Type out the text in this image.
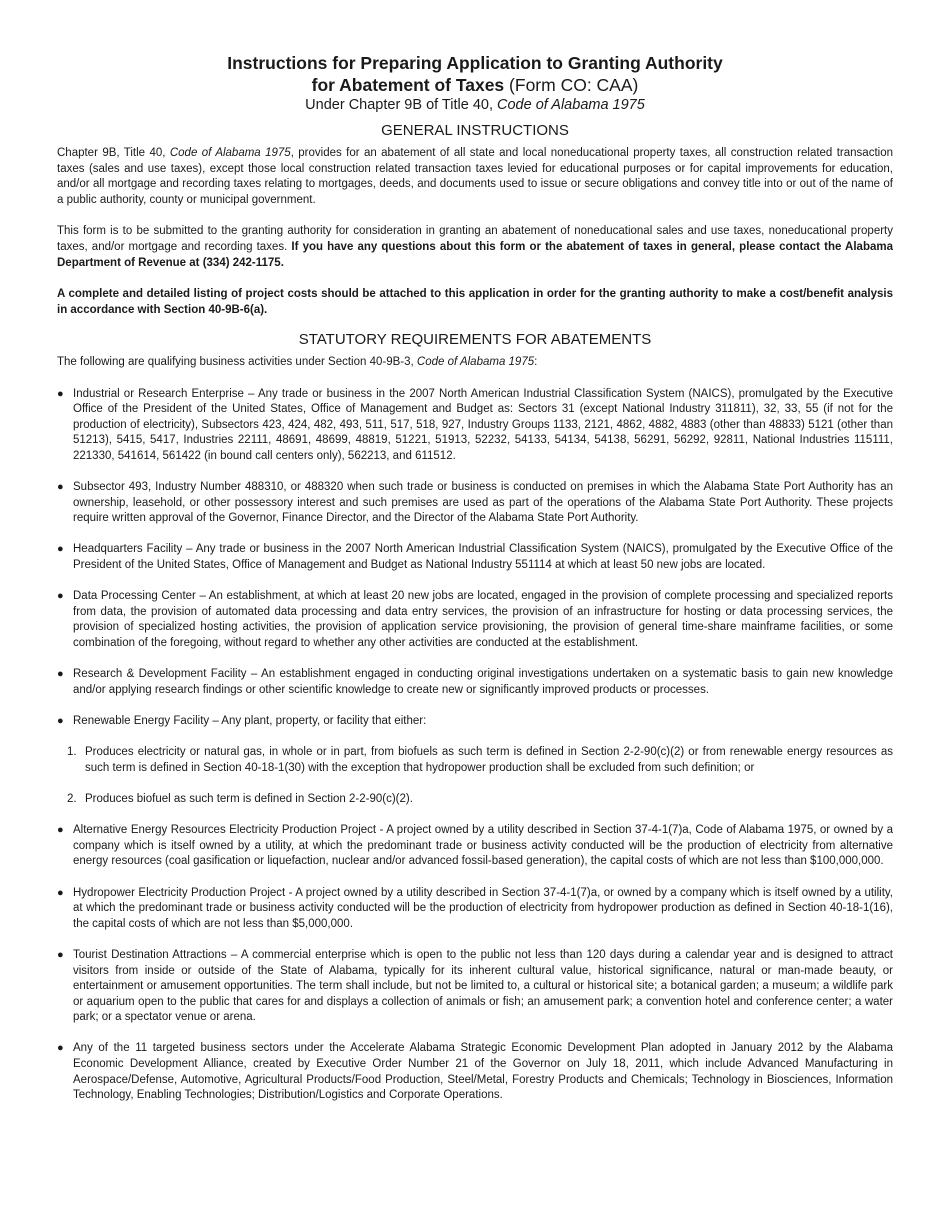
Instructions for Preparing Application to Granting Authority
for Abatement of Taxes (Form CO: CAA)
Under Chapter 9B of Title 40, Code of Alabama 1975
GENERAL INSTRUCTIONS

Chapter 9B, Title 40, Code of Alabama 1975, provides for an abatement of all state and local noneducational property taxes, all construction related transaction taxes (sales and use taxes), except those local construction related transaction taxes levied for educational purposes or for capital improvements for education, and/or all mortgage and recording taxes relating to mortgages, deeds, and documents used to issue or secure obligations and convey title into or out of the name of a public authority, county or municipal government.

This form is to be submitted to the granting authority for consideration in granting an abatement of noneducational sales and use taxes, noneducational property taxes, and/or mortgage and recording taxes. If you have any questions about this form or the abatement of taxes in general, please contact the Alabama Department of Revenue at (334) 242-1175.

A complete and detailed listing of project costs should be attached to this application in order for the granting authority to make a cost/benefit analysis in accordance with Section 40-9B-6(a).

STATUTORY REQUIREMENTS FOR ABATEMENTS

The following are qualifying business activities under Section 40-9B-3, Code of Alabama 1975:

● Industrial or Research Enterprise – Any trade or business in the 2007 North American Industrial Classification System (NAICS), promulgated by the Executive Office of the President of the United States, Office of Management and Budget as: Sectors 31 (except National Industry 311811), 32, 33, 55 (if not for the production of electricity), Subsectors 423, 424, 482, 493, 511, 517, 518, 927, Industry Groups 1133, 2121, 4862, 4882, 4883 (other than 48833) 5121 (other than 51213), 5415, 5417, Industries 22111, 48691, 48699, 48819, 51221, 51913, 52232, 54133, 54134, 54138, 56291, 56292, 92811, National Industries 115111, 221330, 541614, 561422 (in bound call centers only), 562213, and 611512.
● Subsector 493, Industry Number 488310, or 488320 when such trade or business is conducted on premises in which the Alabama State Port Authority has an ownership, leasehold, or other possessory interest and such premises are used as part of the operations of the Alabama State Port Authority. These projects require written approval of the Governor, Finance Director, and the Director of the Alabama State Port Authority.
● Headquarters Facility – Any trade or business in the 2007 North American Industrial Classification System (NAICS), promulgated by the Executive Office of the President of the United States, Office of Management and Budget as National Industry 551114 at which at least 50 new jobs are located.
● Data Processing Center – An establishment, at which at least 20 new jobs are located, engaged in the provision of complete processing and specialized reports from data, the provision of automated data processing and data entry services, the provision of an infrastructure for hosting or data processing services, the provision of specialized hosting activities, the provision of application service provisioning, the provision of general time-share mainframe facilities, or some combination of the foregoing, without regard to whether any other activities are conducted at the establishment.
● Research & Development Facility – An establishment engaged in conducting original investigations undertaken on a systematic basis to gain new knowledge and/or applying research findings or other scientific knowledge to create new or significantly improved products or processes.
● Renewable Energy Facility – Any plant, property, or facility that either:
1. Produces electricity or natural gas, in whole or in part, from biofuels as such term is defined in Section 2-2-90(c)(2) or from renewable energy resources as such term is defined in Section 40-18-1(30) with the exception that hydropower production shall be excluded from such definition; or
2. Produces biofuel as such term is defined in Section 2-2-90(c)(2).
● Alternative Energy Resources Electricity Production Project - A project owned by a utility described in Section 37-4-1(7)a, Code of Alabama 1975, or owned by a company which is itself owned by a utility, at which the predominant trade or business activity conducted will be the production of electricity from alternative energy resources (coal gasification or liquefaction, nuclear and/or advanced fossil-based generation), the capital costs of which are not less than $100,000,000.
● Hydropower Electricity Production Project - A project owned by a utility described in Section 37-4-1(7)a, or owned by a company which is itself owned by a utility, at which the predominant trade or business activity conducted will be the production of electricity from hydropower production as defined in Section 40-18-1(16), the capital costs of which are not less than $5,000,000.
● Tourist Destination Attractions – A commercial enterprise which is open to the public not less than 120 days during a calendar year and is designed to attract visitors from inside or outside of the State of Alabama, typically for its inherent cultural value, historical significance, natural or man-made beauty, or entertainment or amusement opportunities. The term shall include, but not be limited to, a cultural or historical site; a botanical garden; a museum; a wildlife park or aquarium open to the public that cares for and displays a collection of animals or fish; an amusement park; a convention hotel and conference center; a water park; or a spectator venue or arena.
● Any of the 11 targeted business sectors under the Accelerate Alabama Strategic Economic Development Plan adopted in January 2012 by the Alabama Economic Development Alliance, created by Executive Order Number 21 of the Governor on July 18, 2011, which include Advanced Manufacturing in Aerospace/Defense, Automotive, Agricultural Products/Food Production, Steel/Metal, Forestry Products and Chemicals; Technology in Biosciences, Information Technology, Enabling Technologies; Distribution/Logistics and Corporate Operations.
